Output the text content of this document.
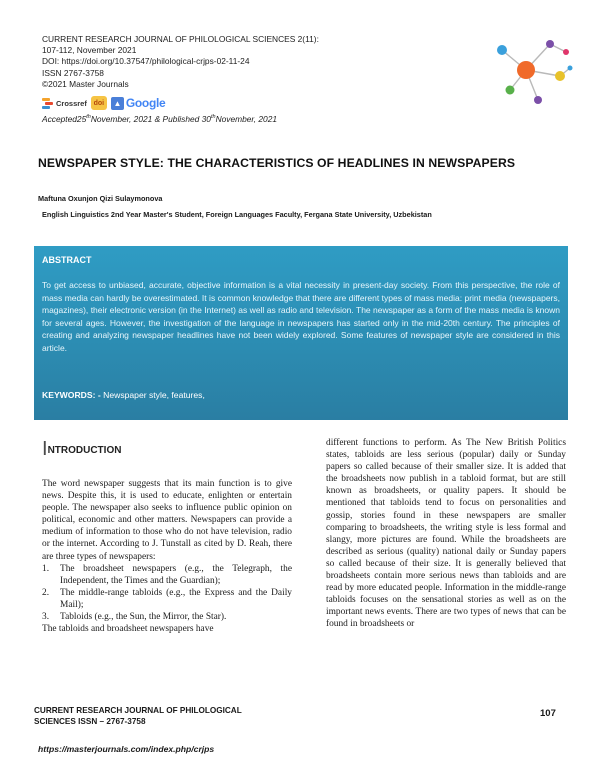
CURRENT RESEARCH JOURNAL OF PHILOLOGICAL SCIENCES 2(11):
107-112, November 2021
DOI: https://doi.org/10.37547/philological-crjps-02-11-24
ISSN 2767-3758
©2021 Master Journals
Crossref doi	▲ Google
Accepted25thNovember, 2021 & Published 30thNovember, 2021
NEWSPAPER STYLE: THE CHARACTERISTICS OF HEADLINES IN NEWSPAPERS
Maftuna Oxunjon Qizi Sulaymonova
English Linguistics 2nd Year Master's Student, Foreign Languages Faculty, Fergana State University, Uzbekistan
ABSTRACT
To get access to unbiased, accurate, objective information is a vital necessity in present-day society. From this perspective, the role of mass media can hardly be overestimated. It is common knowledge that there are different types of mass media: print media (newspapers, magazines), their electronic version (in the Internet) as well as radio and television. The newspaper as a form of the mass media is known for several ages. However, the investigation of the language in newspapers has started only in the mid-20th century. The principles of creating and analyzing newspaper headlines have not been widely explored. Some features of newspaper style are considered in this article.
KEYWORDS: - Newspaper style, features,
INTRODUCTION

The word newspaper suggests that its main function is to give news. Despite this, it is used to educate, enlighten or entertain people. The newspaper also seeks to influence public opinion on political, economic and other matters. Newspapers can provide a medium of information to those who do not have television, radio or the internet. According to J. Tunstall as cited by D. Reah, there are three types of newspapers:

1.	The broadsheet newspapers (e.g., the Telegraph, the Independent, the Times and the Guardian);
2.	The middle-range tabloids (e.g., the Express and the Daily Mail);
3.	Tabloids (e.g., the Sun, the Mirror, the Star).

The tabloids and broadsheet newspapers have

different functions to perform. As The New British Politics states, tabloids are less serious (popular) daily or Sunday papers so called because of their smaller size. It is added that the broadsheets now publish in a tabloid format, but are still known as broadsheets, or quality papers. It should be mentioned that tabloids tend to focus on personalities and gossip, stories found in these newspapers are smaller comparing to broadsheets, the writing style is less formal and slangy, more pictures are found. While the broadsheets are described as serious (quality) national daily or Sunday papers so called because of their size. It is generally believed that broadsheets contain more serious news than tabloids and are read by more educated people. Information in the middle-range tabloids focuses on the sensational stories as well as on the important news events. There are two types of news that can be found in broadsheets or

CURRENT RESEARCH JOURNAL OF PHILOLOGICAL
SCIENCES ISSN – 2767-3758
107
https://masterjournals.com/index.php/crjps
